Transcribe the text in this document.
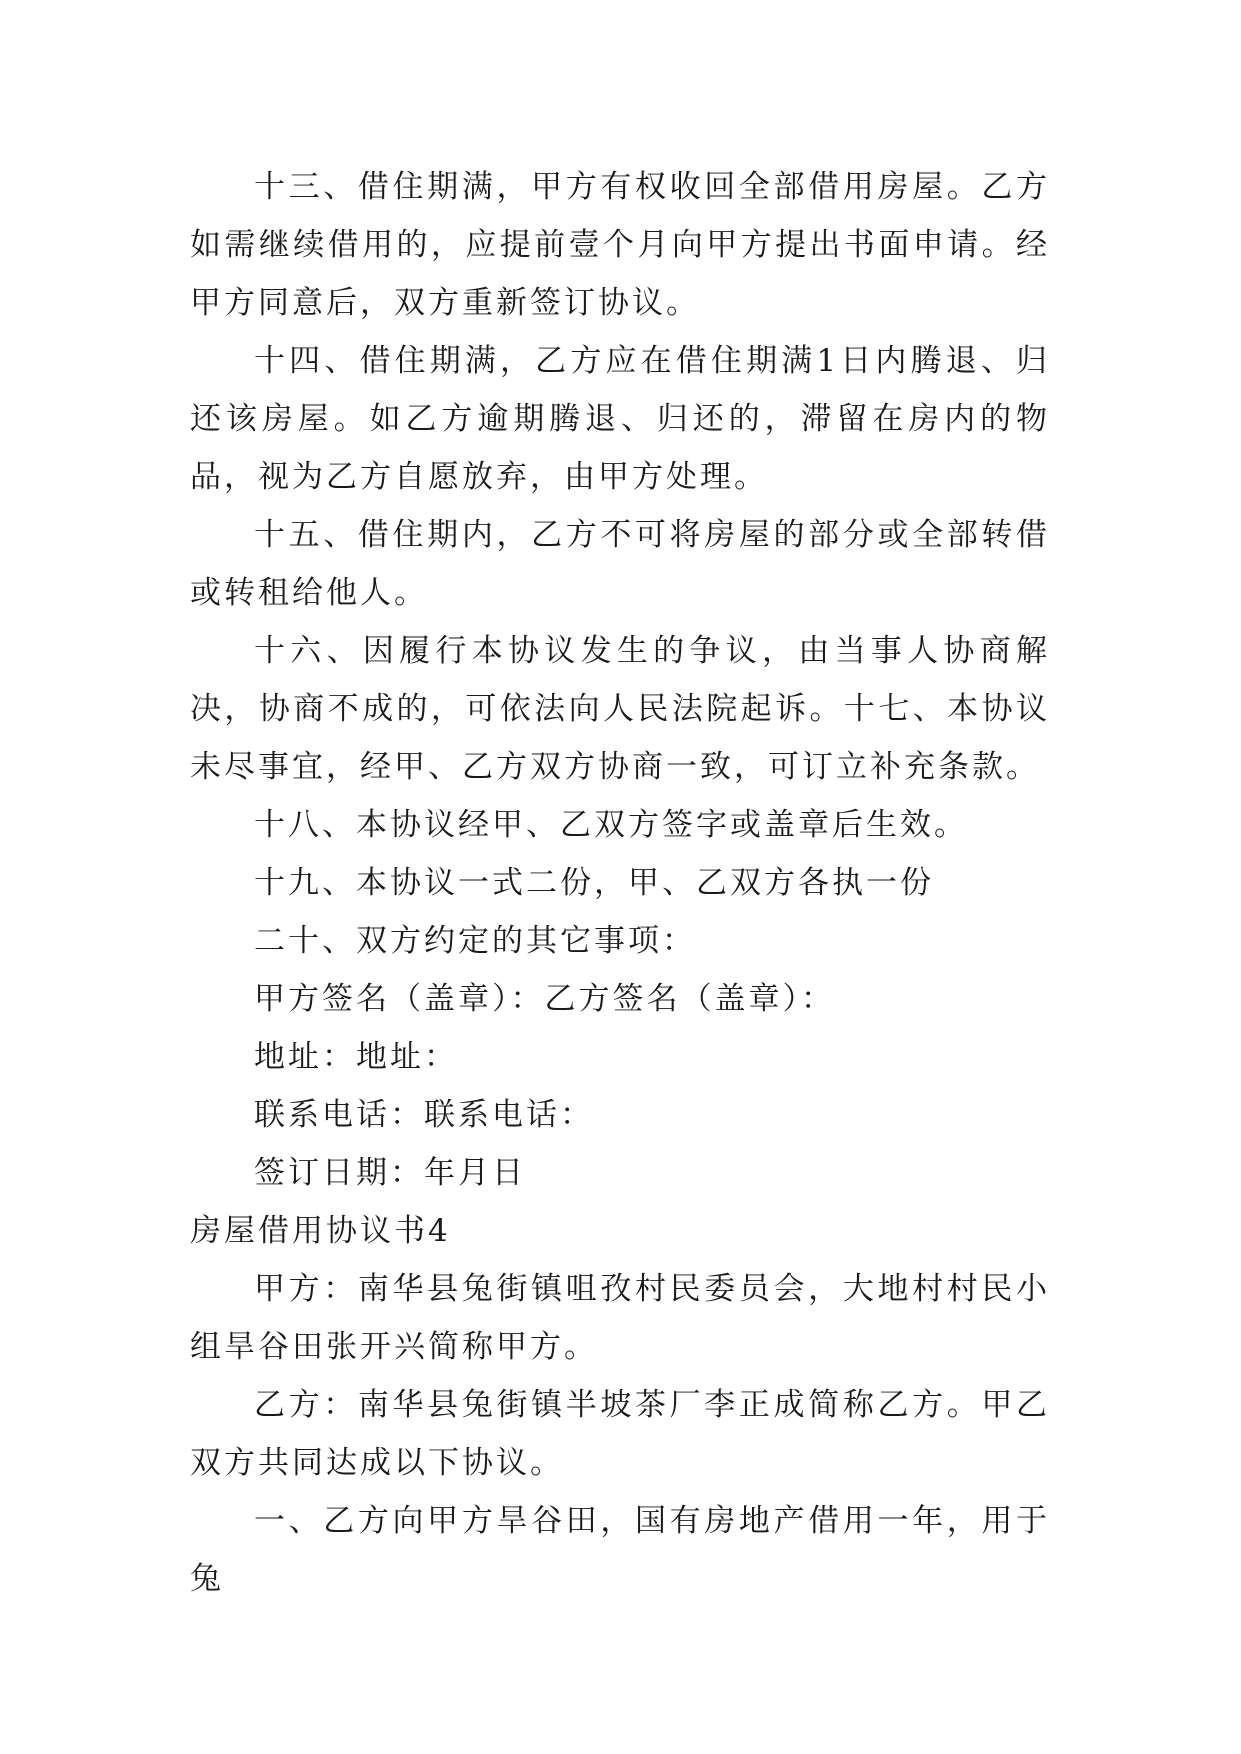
十三、借住期满，甲方有权收回全部借用房屋。乙方如需继续借用的，应提前壹个月向甲方提出书面申请。经甲方同意后，双方重新签订协议。

十四、借住期满，乙方应在借住期满1日内腾退、归还该房屋。如乙方逾期腾退、归还的，滞留在房内的物品，视为乙方自愿放弃，由甲方处理。

十五、借住期内，乙方不可将房屋的部分或全部转借或转租给他人。

十六、因履行本协议发生的争议，由当事人协商解决，协商不成的，可依法向人民法院起诉。十七、本协议未尽事宜，经甲、乙方双方协商一致，可订立补充条款。

十八、本协议经甲、乙双方签字或盖章后生效。

十九、本协议一式二份，甲、乙双方各执一份

二十、双方约定的其它事项：

甲方签名（盖章）：乙方签名（盖章）：

地址：地址：

联系电话：联系电话：

签订日期：年月日

房屋借用协议书4

甲方：南华县兔街镇咀孜村民委员会，大地村村民小组旱谷田张开兴简称甲方。

乙方：南华县兔街镇半坡茶厂李正成简称乙方。甲乙双方共同达成以下协议。

一、乙方向甲方旱谷田，国有房地产借用一年，用于兔
